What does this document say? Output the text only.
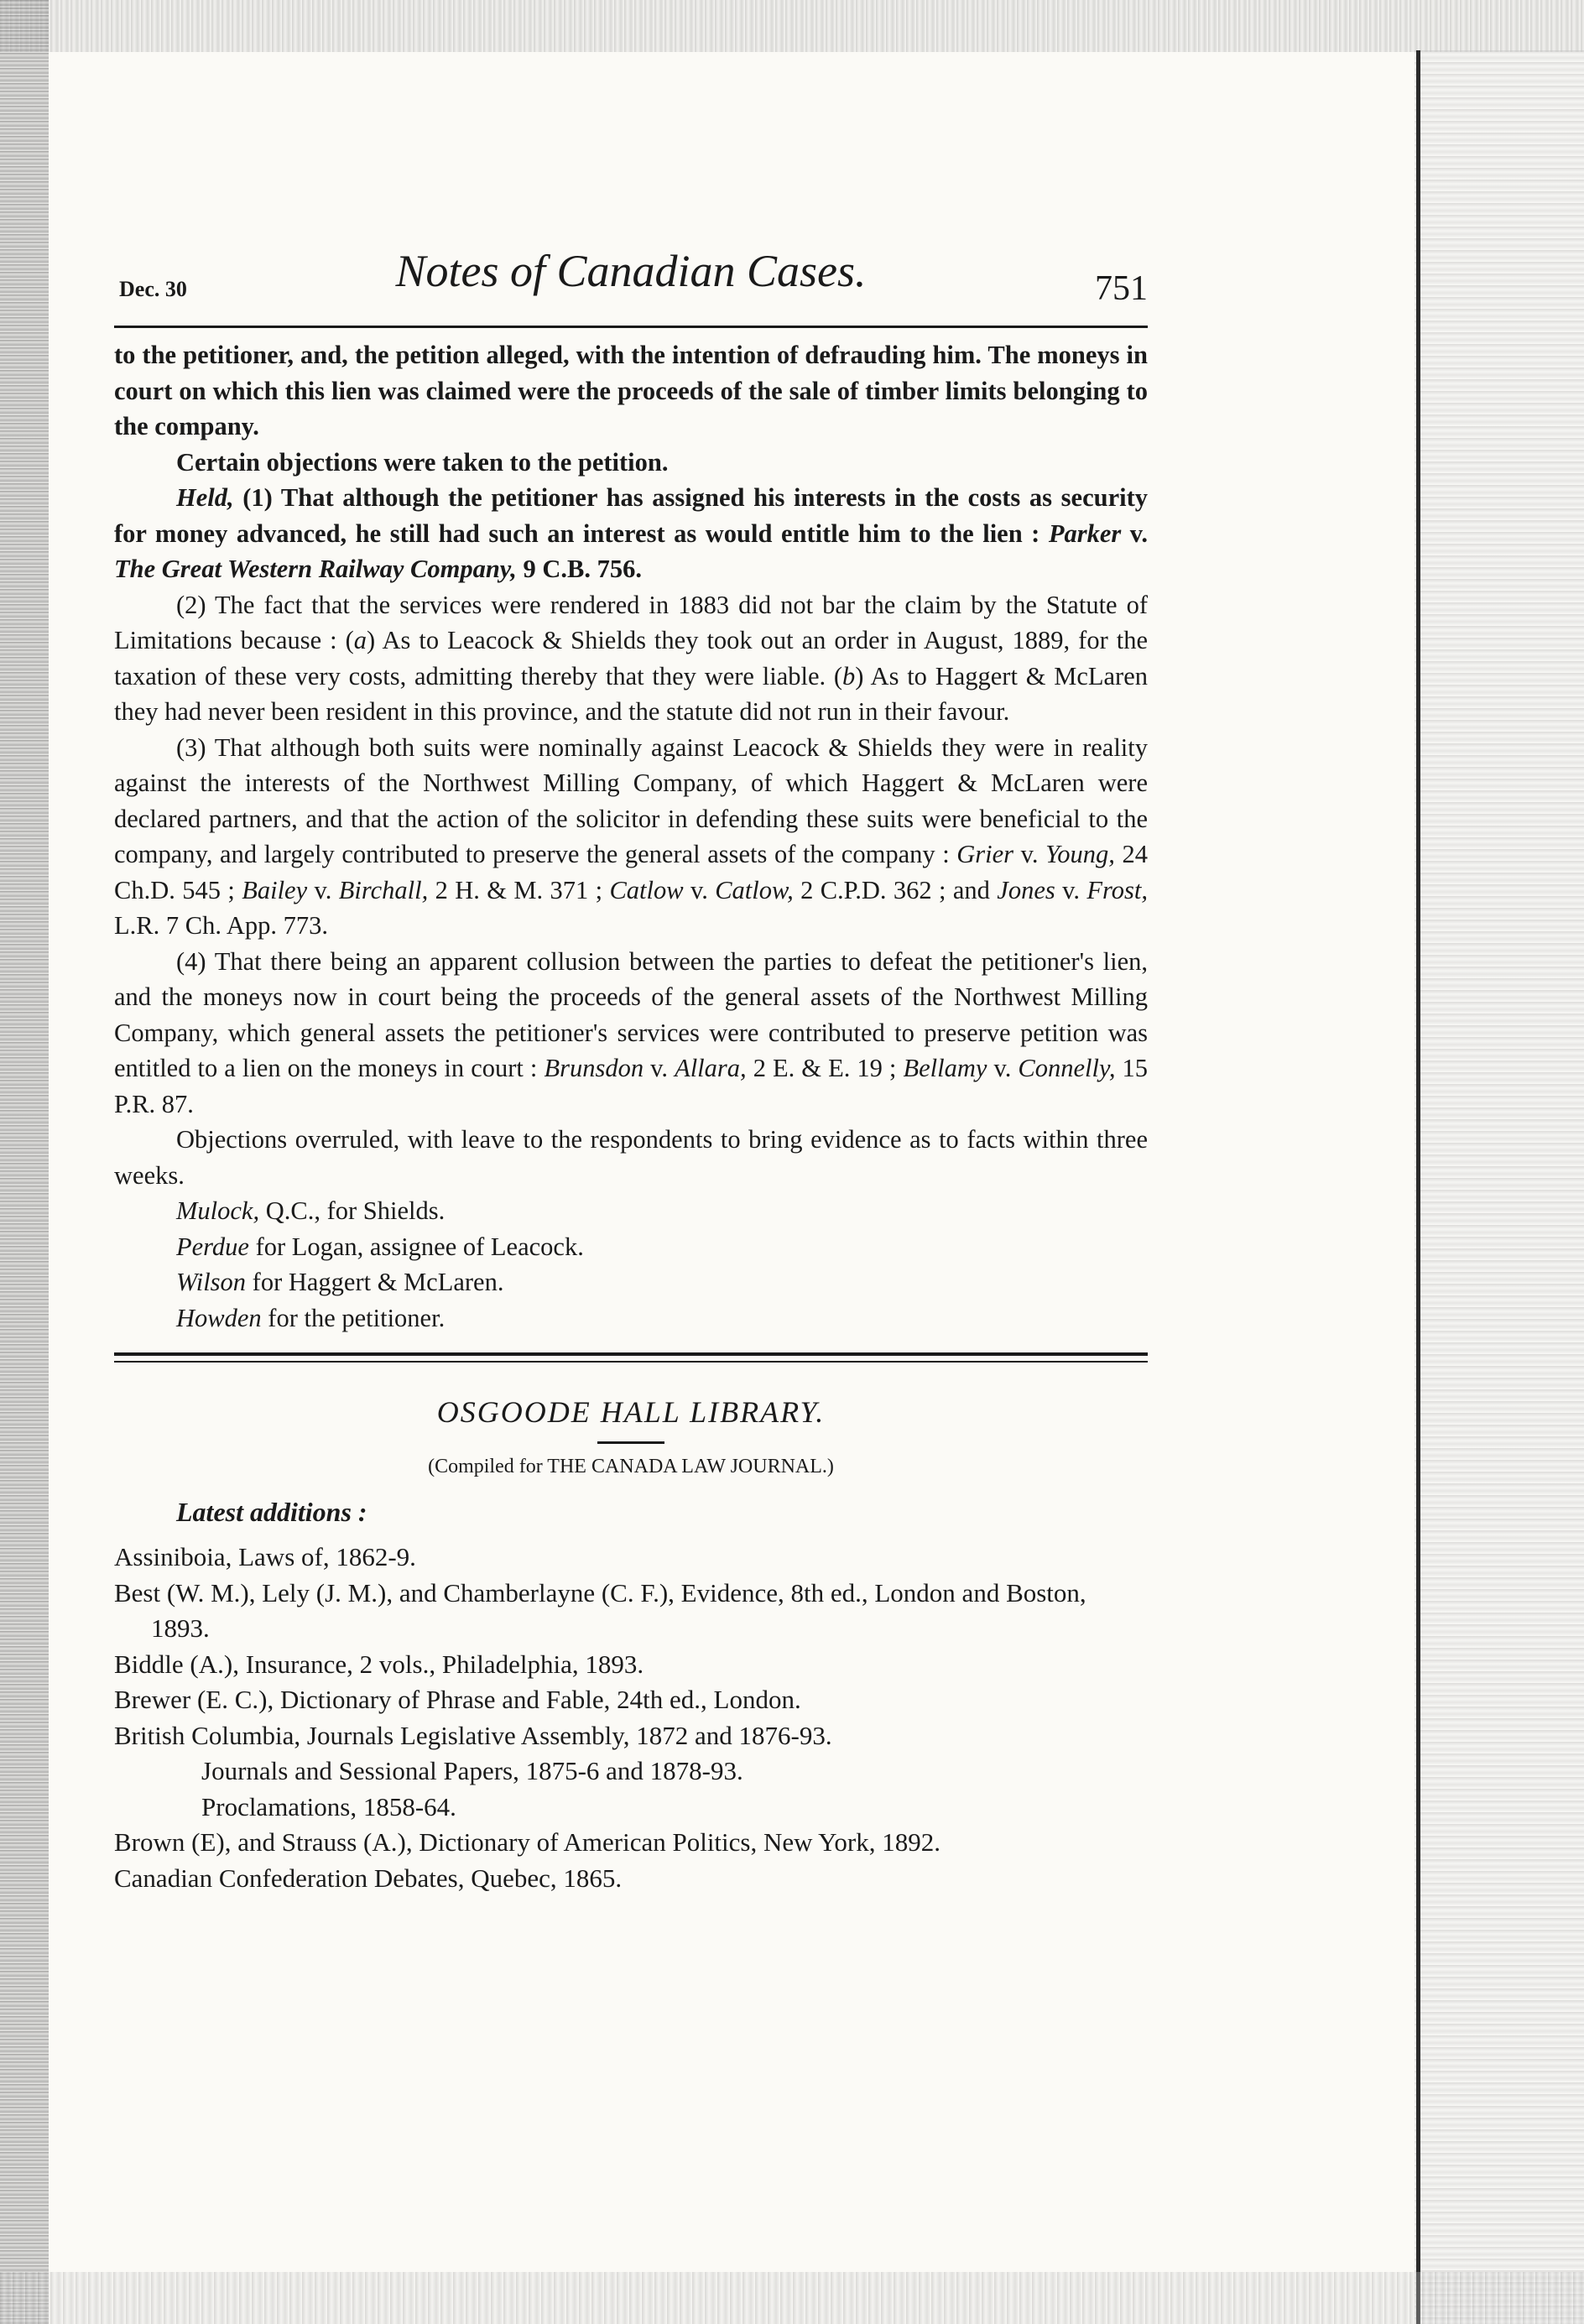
Dec. 30	Notes of Canadian Cases.	751

to the petitioner, and, the petition alleged, with the intention of defrauding him. The moneys in court on which this lien was claimed were the proceeds of the sale of timber limits belonging to the company.

Certain objections were taken to the petition.

Held, (1) That although the petitioner has assigned his interests in the costs as security for money advanced, he still had such an interest as would entitle him to the lien : Parker v. The Great Western Railway Company, 9 C.B. 756.

(2) The fact that the services were rendered in 1883 did not bar the claim by the Statute of Limitations because : (a) As to Leacock & Shields they took out an order in August, 1889, for the taxation of these very costs, admitting thereby that they were liable. (b) As to Haggert & McLaren they had never been resident in this province, and the statute did not run in their favour.

(3) That although both suits were nominally against Leacock & Shields they were in reality against the interests of the Northwest Milling Company, of which Haggert & McLaren were declared partners, and that the action of the solicitor in defending these suits were beneficial to the company, and largely contributed to preserve the general assets of the company : Grier v. Young, 24 Ch.D. 545 ; Bailey v. Birchall, 2 H. & M. 371 ; Catlow v. Catlow, 2 C.P.D. 362 ; and Jones v. Frost, L.R. 7 Ch. App. 773.

(4) That there being an apparent collusion between the parties to defeat the petitioner's lien, and the moneys now in court being the proceeds of the general assets of the Northwest Milling Company, which general assets the petitioner's services were contributed to preserve petition was entitled to a lien on the moneys in court : Brunsdon v. Allara, 2 E. & E. 19 ; Bellamy v. Connelly, 15 P.R. 87.

Objections overruled, with leave to the respondents to bring evidence as to facts within three weeks.

Mulock, Q.C., for Shields.

Perdue for Logan, assignee of Leacock.

Wilson for Haggert & McLaren.

Howden for the petitioner.

OSGOODE HALL LIBRARY.
(Compiled for THE CANADA LAW JOURNAL.)
Latest additions :
Assiniboia, Laws of, 1862-9.
Best (W. M.), Lely (J. M.), and Chamberlayne (C. F.), Evidence, 8th ed., London and Boston, 1893.
Biddle (A.), Insurance, 2 vols., Philadelphia, 1893.
Brewer (E. C.), Dictionary of Phrase and Fable, 24th ed., London.
British Columbia, Journals Legislative Assembly, 1872 and 1876-93.
Journals and Sessional Papers, 1875-6 and 1878-93.
Proclamations, 1858-64.
Brown (E), and Strauss (A.), Dictionary of American Politics, New York, 1892.
Canadian Confederation Debates, Quebec, 1865.
